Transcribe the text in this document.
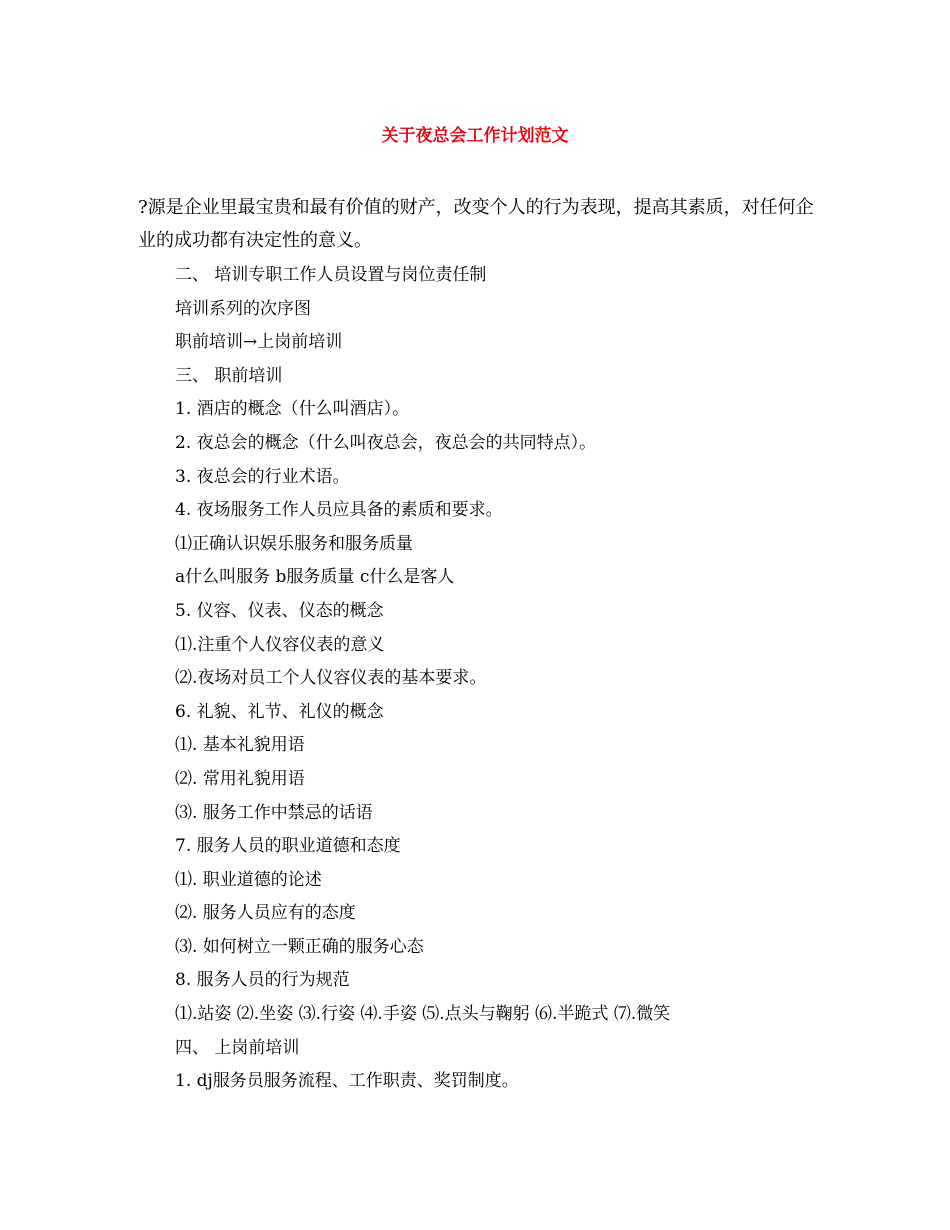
关于夜总会工作计划范文
?源是企业里最宝贵和最有价值的财产，改变个人的行为表现，提高其素质，对任何企业的成功都有决定性的意义。
二、 培训专职工作人员设置与岗位责任制
培训系列的次序图
职前培训→上岗前培训
三、 职前培训
1. 酒店的概念（什么叫酒店）。
2. 夜总会的概念（什么叫夜总会，夜总会的共同特点）。
3. 夜总会的行业术语。
4. 夜场服务工作人员应具备的素质和要求。
⑴正确认识娱乐服务和服务质量
a什么叫服务 b服务质量 c什么是客人
5. 仪容、仪表、仪态的概念
⑴.注重个人仪容仪表的意义
⑵.夜场对员工个人仪容仪表的基本要求。
6. 礼貌、礼节、礼仪的概念
⑴. 基本礼貌用语
⑵. 常用礼貌用语
⑶. 服务工作中禁忌的话语
7. 服务人员的职业道德和态度
⑴. 职业道德的论述
⑵. 服务人员应有的态度
⑶. 如何树立一颗正确的服务心态
8. 服务人员的行为规范
⑴.站姿 ⑵.坐姿 ⑶.行姿 ⑷.手姿 ⑸.点头与鞠躬 ⑹.半跪式 ⑺.微笑
四、 上岗前培训
1. dj服务员服务流程、工作职责、奖罚制度。
